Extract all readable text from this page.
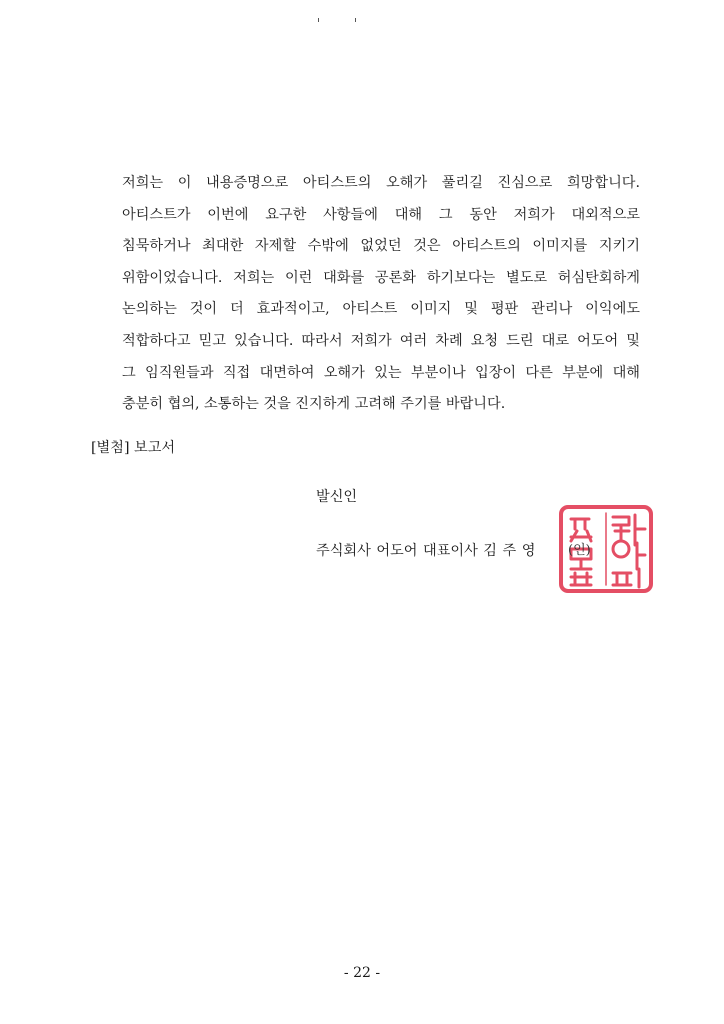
저희는 이 내용증명으로 아티스트의 오해가 풀리길 진심으로 희망합니다.
아티스트가 이번에 요구한 사항들에 대해 그 동안 저희가 대외적으로
침묵하거나 최대한 자제할 수밖에 없었던 것은 아티스트의 이미지를 지키기
위함이었습니다. 저희는 이런 대화를 공론화 하기보다는 별도로 허심탄회하게
논의하는 것이 더 효과적이고, 아티스트 이미지 및 평판 관리나 이익에도
적합하다고 믿고 있습니다. 따라서 저희가 여러 차례 요청 드린 대로 어도어 및
그 임직원들과 직접 대면하여 오해가 있는 부분이나 입장이 다른 부분에 대해
충분히 협의, 소통하는 것을 진지하게 고려해 주기를 바랍니다.
[별첨] 보고서
발신인
주식회사 어도어 대표이사 김 주 영	(인)
- 22 -
